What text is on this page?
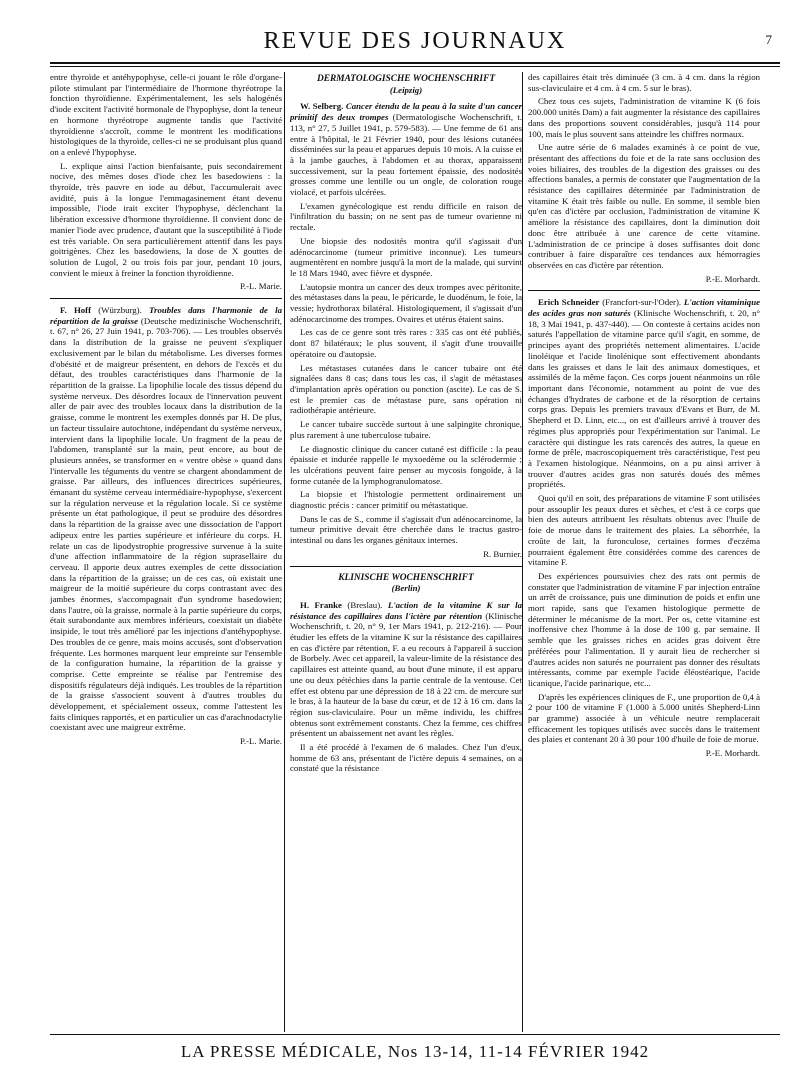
REVUE DES JOURNAUX	7

entre thyroïde et antéhypophyse, celle-ci jouant le rôle d'organe-pilote stimulant par l'intermédiaire de l'hormone thyréotrope la fonction thyroïdienne. Expérimentalement, les sels halogénés d'iode excitent l'activité hormonale de l'hypophyse, dont la teneur en hormone thyréotrope augmente tandis que l'activité thyroïdienne s'accroît, comme le montrent les modifications histologiques de la thyroïde, celles-ci ne se produisant plus quand on a enlevé l'hypophyse.

L. explique ainsi l'action bienfaisante, puis secondairement nocive, des mêmes doses d'iode chez les basedowiens : la thyroïde, très pauvre en iode au début, l'accumulerait avec avidité, puis à la longue l'emmagasinement étant devenu impossible, l'iode irait exciter l'hypophyse, déclenchant la libération excessive d'hormone thyroïdienne. Il convient donc de manier l'iode avec prudence, d'autant que la susceptibilité à l'iode est très variable. On sera particulièrement attentif dans les pays goitrigènes. Chez les basedowiens, la dose de X gouttes de solution de Lugol, 2 ou trois fois par jour, pendant 10 jours, convient le mieux à freiner la fonction thyroïdienne.

P.-L. Marie.

F. Hoff (Würzburg). Troubles dans l'harmonie de la répartition de la graisse (Deutsche medizinische Wochenschrift, t. 67, n° 26, 27 Juin 1941, p. 703-706). — Les troubles observés dans la distribution de la graisse ne peuvent s'expliquer exclusivement par le bilan du métabolisme. Les diverses formes d'obésité et de maigreur présentent, en dehors de l'excès et du défaut, des troubles caractéristiques dans l'harmonie de la répartition de la graisse. La lipophilie locale des tissus dépend du système nerveux. Des désordres locaux de l'innervation peuvent aller de pair avec des troubles locaux dans la distribution de la graisse, comme le montrent les exemples donnés par H. De plus, un facteur tissulaire autochtone, indépendant du système nerveux, intervient dans la lipophilie locale. Un fragment de la peau de l'abdomen, transplanté sur la main, peut encore, au bout de plusieurs années, se transformer en « ventre obèse » quand dans l'intervalle les téguments du ventre se chargent abondamment de graisse. Par ailleurs, des influences directrices supérieures, émanant du système cerveau intermédiaire-hypophyse, s'exercent sur la régulation nerveuse et la régulation locale. Si ce système présente un état pathologique, il peut se produire des désordres dans la répartition de la graisse avec une dissociation de l'apport adipeux entre les parties supérieure et inférieure du corps. H. relate un cas de lipodystrophie progressive survenue à la suite d'une affection inflammatoire de la région suprasellaire du cerveau. Il apporte deux autres exemples de cette dissociation dans la répartition de la graisse; un de ces cas, où existait une maigreur de la moitié supérieure du corps contrastant avec des jambes énormes, s'accompagnait d'un syndrome basedowien; dans l'autre, où la graisse, normale à la partie supérieure du corps, était surabondante aux membres inférieurs, coexistait un diabète insipide, le tout très amélioré par les injections d'antéhypophyse. Des troubles de ce genre, mais moins accusés, sont d'observation fréquente. Les hormones marquent leur empreinte sur l'ensemble de la configuration humaine, la répartition de la graisse y comprise. Cette empreinte se réalise par l'entremise des dispositifs régulateurs déjà indiqués. Les troubles de la répartition de la graisse s'associent souvent à d'autres troubles du développement, et spécialement osseux, comme l'attestent les faits cliniques rapportés, et en particulier un cas d'arachnodactylie coexistant avec une maigreur extrême.

P.-L. Marie.

DERMATOLOGISCHE WOCHENSCHRIFT
(Leipzig)

W. Selberg. Cancer étendu de la peau à la suite d'un cancer primitif des deux trompes (Dermatologische Wochenschrift, t. 113, n° 27, 5 Juillet 1941, p. 579-583). — Une femme de 61 ans entre à l'hôpital, le 21 Février 1940, pour des lésions cutanées disséminées sur la peau et apparues depuis 10 mois. A la cuisse et à la jambe gauches, à l'abdomen et au thorax, apparaissent successivement, sur la peau fortement épaissie, des nodosités grosses comme une lentille ou un ongle, de coloration rouge violacé, et parfois ulcérées.

L'examen gynécologique est rendu difficile en raison de l'infiltration du bassin; on ne sent pas de tumeur ovarienne ni rectale.

Une biopsie des nodosités montra qu'il s'agissait d'un adénocarcinome (tumeur primitive inconnue). Les tumeurs augmentèrent en nombre jusqu'à la mort de la malade, qui survint le 18 Mars 1940, avec fièvre et dyspnée.

L'autopsie montra un cancer des deux trompes avec péritonite, des métastases dans la peau, le péricarde, le duodénum, le foie, la vessie; hydrothorax bilatéral. Histologiquement, il s'agissait d'un adénocarcinome des trompes. Ovaires et utérus étaient sains.

Les cas de ce genre sont très rares : 335 cas ont été publiés, dont 87 bilatéraux; le plus souvent, il s'agit d'une trouvaille opératoire ou d'autopsie.

Les métastases cutanées dans le cancer tubaire ont été signalées dans 8 cas; dans tous les cas, il s'agit de métastases d'implantation après opération ou ponction (ascite). Le cas de S. est le premier cas de métastase pure, sans opération ni radiothérapie antérieure.

Le cancer tubaire succède surtout à une salpingite chronique, plus rarement à une tuberculose tubaire.

Le diagnostic clinique du cancer cutané est difficile : la peau épaissie et indurée rappelle le myxoedème ou la sclérodermie ; les ulcérations peuvent faire penser au mycosis fongoïde, à la forme cutanée de la lymphogranulomatose.

La biopsie et l'histologie permettent ordinairement un diagnostic précis : cancer primitif ou métastatique.

Dans le cas de S., comme il s'agissait d'un adénocarcinome, la tumeur primitive devait être cherchée dans le tractus gastro-intestinal ou dans les organes génitaux internes.

R. Burnier.

KLINISCHE WOCHENSCHRIFT
(Berlin)

H. Franke (Breslau). L'action de la vitamine K sur la résistance des capillaires dans l'ictère par rétention (Klinische Wochenschrift, t. 20, n° 9, 1er Mars 1941, p. 212-216). — Pour étudier les effets de la vitamine K sur la résistance des capillaires en cas d'ictère par rétention, F. a eu recours à l'appareil à succion de Borbely. Avec cet appareil, la valeur-limite de la résistance des capillaires est atteinte quand, au bout d'une minute, il est apparu une ou deux pétéchies dans la partie centrale de la ventouse. Cet effet est obtenu par une dépression de 18 à 22 cm. de mercure sur le bras, à la hauteur de la base du cœur, et de 12 à 16 cm. dans la région sus-claviculaire. Pour un même individu, les chiffres obtenus sont extrêmement constants. Chez la femme, ces chiffres présentent un abaissement net avant les règles.

Il a été procédé à l'examen de 6 malades. Chez l'un d'eux, homme de 63 ans, présentant de l'ictère depuis 4 semaines, on a constaté que la résistance

des capillaires était très diminuée (3 cm. à 4 cm. dans la région sus-claviculaire et 4 cm. à 4 cm. 5 sur le bras).

Chez tous ces sujets, l'administration de vitamine K (6 fois 200.000 unités Dam) a fait augmenter la résistance des capillaires dans des proportions souvent considérables, jusqu'à 114 pour 100, mais le plus souvent sans atteindre les chiffres normaux.

Une autre série de 6 malades examinés à ce point de vue, présentant des affections du foie et de la rate sans occlusion des voies biliaires, des troubles de la digestion des graisses ou des affections banales, a permis de constater que l'augmentation de la résistance des capillaires déterminée par l'administration de vitamine K était très faible ou nulle. En somme, il semble bien qu'en cas d'ictère par occlusion, l'administration de vitamine K améliore la résistance des capillaires, dont la diminution doit donc être attribuée à une carence de cette vitamine. L'administration de ce principe à doses suffisantes doit donc contribuer à faire disparaître ces tendances aux hémorragies observées en cas d'ictère par rétention.

P.-E. Morhardt.

Erich Schneider (Francfort-sur-l'Oder). L'action vitaminique des acides gras non saturés (Klinische Wochenschrift, t. 20, n° 18, 3 Mai 1941, p. 437-440). — On conteste à certains acides non saturés l'appellation de vitamine parce qu'il s'agit, en somme, de principes ayant des propriétés nettement alimentaires. L'acide linoléique et l'acide linolénique sont effectivement abondants dans les graisses et dans le lait des animaux domestiques, et assimilés de la même façon. Ces corps jouent néanmoins un rôle important dans l'économie, notamment au point de vue des échanges d'hydrates de carbone et de la résorption de certains corps gras. Depuis les premiers travaux d'Evans et Burr, de M. Shepherd et D. Linn, etc..., on est d'ailleurs arrivé à trouver des régimes plus appropriés pour l'expérimentation sur l'animal. Le caractère qui distingue les rats carencés des autres, la queue en forme de prêle, macroscopiquement très caractéristique, l'est peu à l'examen histologique. Néanmoins, on a pu ainsi arriver à trouver d'autres acides gras non saturés doués des mêmes propriétés.

Quoi qu'il en soit, des préparations de vitamine F sont utilisées pour assouplir les peaux dures et sèches, et c'est à ce corps que bien des auteurs attribuent les résultats obtenus avec l'huile de foie de morue dans le traitement des plaies. La séborrhée, la croûte de lait, la furonculose, certaines formes d'eczéma pourraient également être considérées comme des carences de vitamine F.

Des expériences poursuivies chez des rats ont permis de constater que l'administration de vitamine F par injection entraîne un arrêt de croissance, puis une diminution de poids et enfin une mort rapide, sans que l'examen histologique permette de déterminer le mécanisme de la mort. Per os, cette vitamine est inoffensive chez l'homme à la dose de 100 g. par semaine. Il semble que les graisses riches en acides gras doivent être préférées pour l'alimentation. Il y aurait lieu de rechercher si d'autres acides non saturés ne pourraient pas donner des résultats intéressants, comme par exemple l'acide éléostéarique, l'acide licanique, l'acide parinarique, etc...

D'après les expériences cliniques de F., une proportion de 0,4 à 2 pour 100 de vitamine F (1.000 à 5.000 unités Shepherd-Linn par gramme) associée à un véhicule neutre remplacerait efficacement les topiques utilisés avec succès dans le traitement des plaies et contenant 20 à 30 pour 100 d'huile de foie de morue.

P.-E. Morhardt.

LA PRESSE MÉDICALE, Nos 13-14, 11-14 FÉVRIER 1942
